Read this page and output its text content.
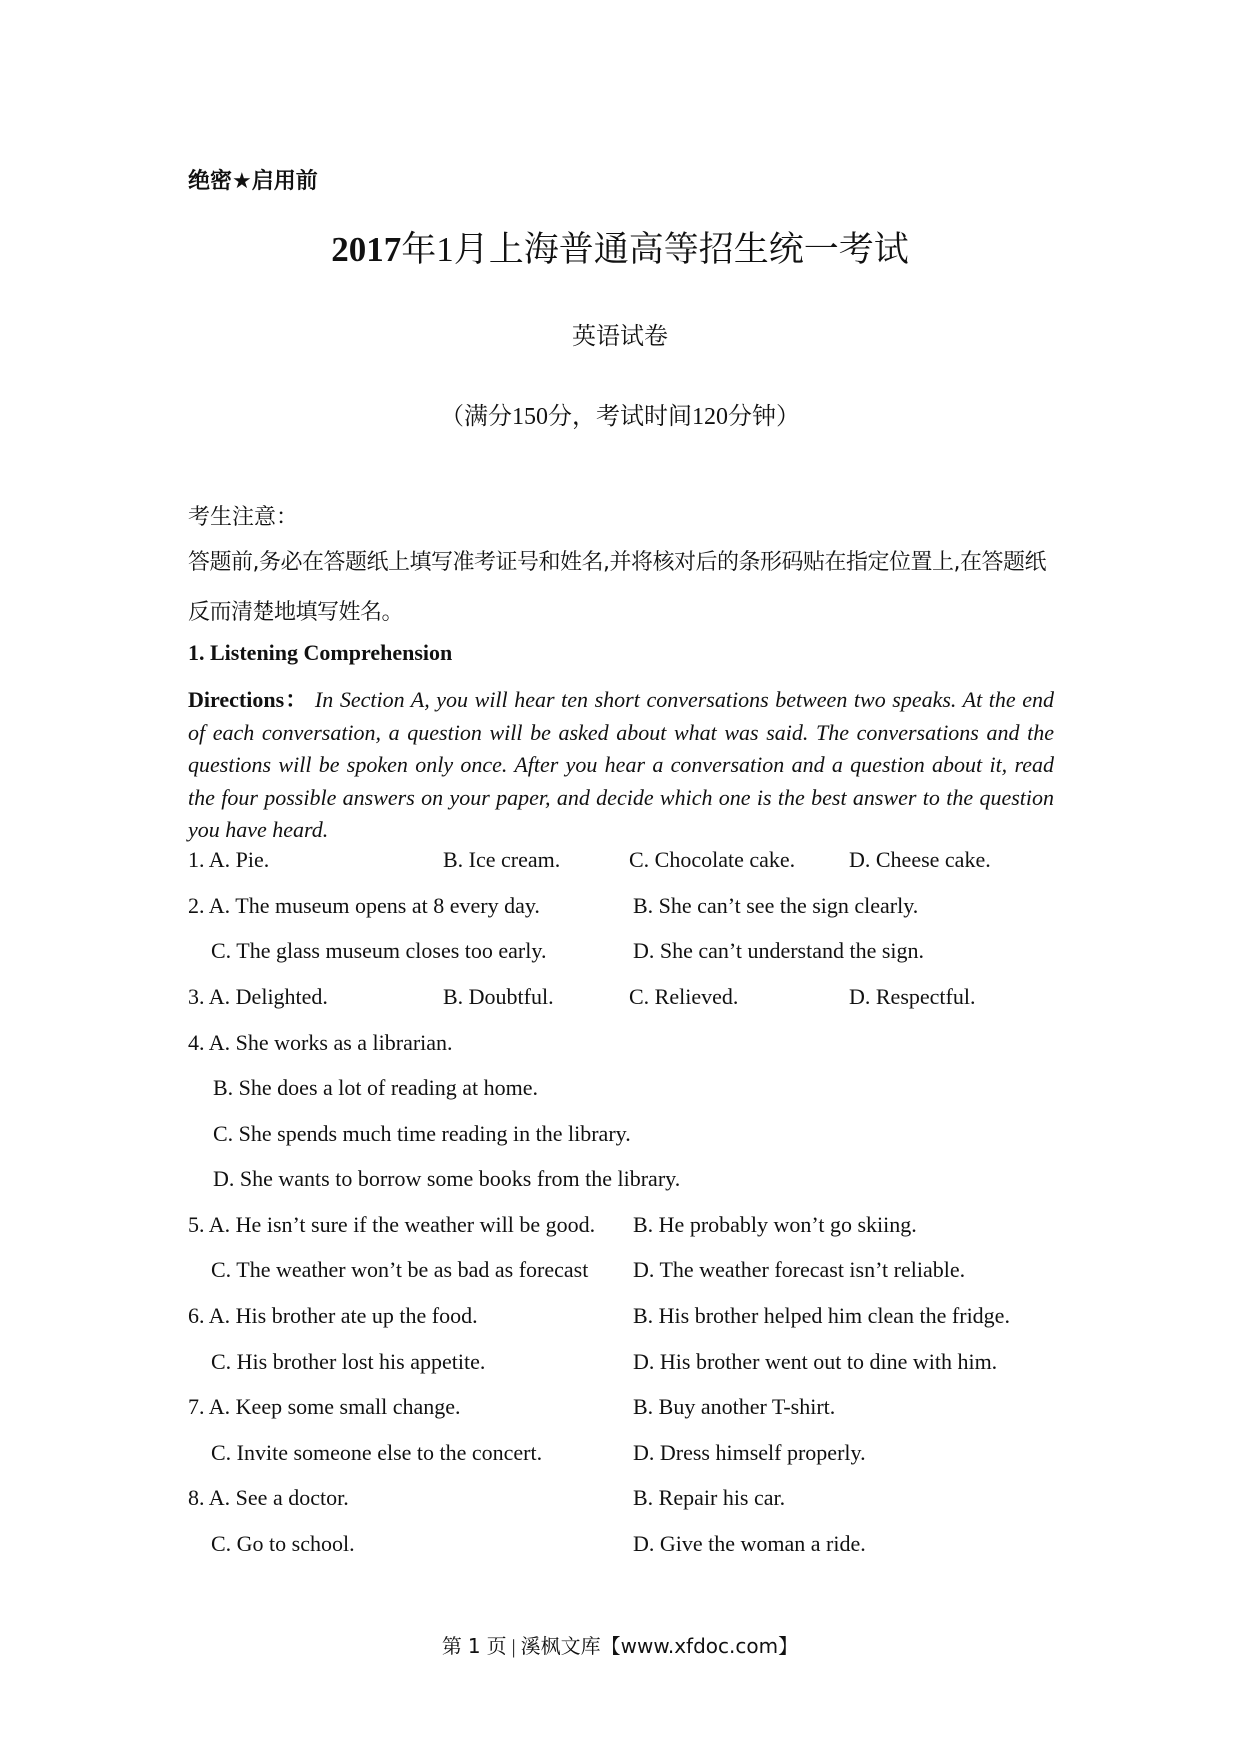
绝密★启用前
2017年1月上海普通高等招生统一考试
英语试卷
（满分150分，考试时间120分钟）
考生注意：
答题前,务必在答题纸上填写准考证号和姓名,并将核对后的条形码贴在指定位置上,在答题纸反而清楚地填写姓名。
1. Listening Comprehension
Directions： In Section A, you will hear ten short conversations between two speaks. At the end of each conversation, a question will be asked about what was said. The conversations and the questions will be spoken only once. After you hear a conversation and a question about it, read the four possible answers on your paper, and decide which one is the best answer to the question you have heard.
1. A. Pie.	B. Ice cream.	C. Chocolate cake. D. Cheese cake.
2. A. The museum opens at 8 every day.	B. She can’t see the sign clearly.
C. The glass museum closes too early.	D. She can’t understand the sign.
3. A. Delighted.	B. Doubtful.	C. Relieved.	D. Respectful.
4. A. She works as a librarian.
B. She does a lot of reading at home.
C. She spends much time reading in the library.
D. She wants to borrow some books from the library.
5. A. He isn’t sure if the weather will be good. B. He probably won’t go skiing.
C. The weather won’t be as bad as forecast D. The weather forecast isn’t reliable.
6. A. His brother ate up the food.	B. His brother helped him clean the fridge.
C. His brother lost his appetite.	D. His brother went out to dine with him.
7. A. Keep some small change.	B. Buy another T-shirt.
C. Invite someone else to the concert.	D. Dress himself properly.
8. A. See a doctor.	B. Repair his car.
C. Go to school.	D. Give the woman a ride.
第 1 页 | 溪枫文库【www.xfdoc.com】
